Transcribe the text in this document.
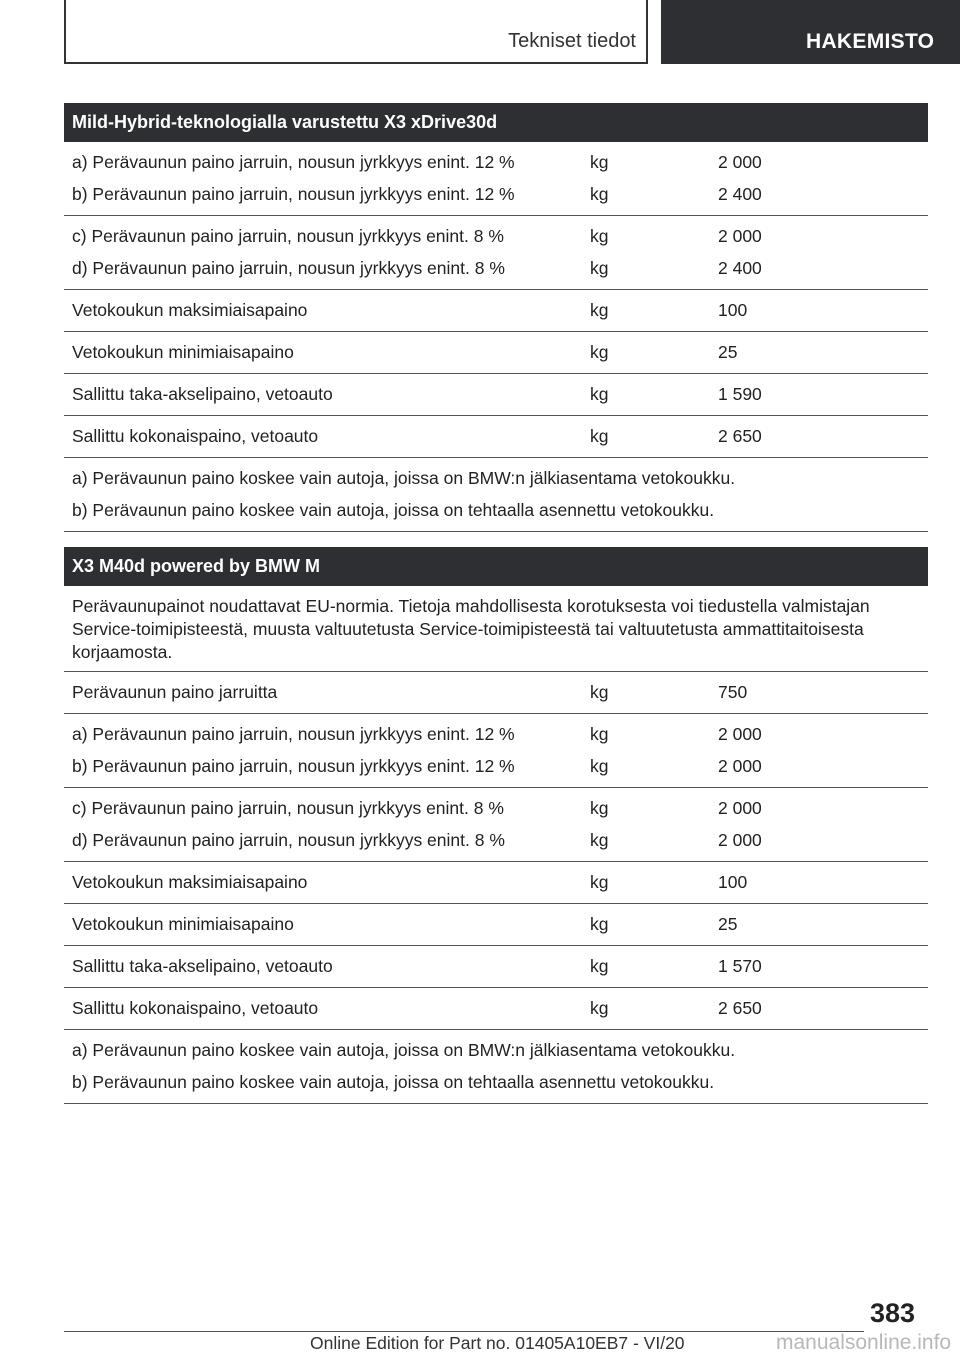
Tekniset tiedot	HAKEMISTO
Mild-Hybrid-teknologialla varustettu X3 xDrive30d
a) Perävaunun paino jarruin, nousun jyrkkyys enint. 12 %	kg	2 000
b) Perävaunun paino jarruin, nousun jyrkkyys enint. 12 %	kg	2 400
c) Perävaunun paino jarruin, nousun jyrkkyys enint. 8 %	kg	2 000
d) Perävaunun paino jarruin, nousun jyrkkyys enint. 8 %	kg	2 400
Vetokoukun maksimiaisapaino	kg	100
Vetokoukun minimiaisapaino	kg	25
Sallittu taka-akselipaino, vetoauto	kg	1 590
Sallittu kokonaispaino, vetoauto	kg	2 650
a) Perävaunun paino koskee vain autoja, joissa on BMW:n jälkiasentama vetokoukku.
b) Perävaunun paino koskee vain autoja, joissa on tehtaalla asennettu vetokoukku.
X3 M40d powered by BMW M
Perävaunupainot noudattavat EU-normia. Tietoja mahdollisesta korotuksesta voi tiedustella valmistajan Service-toimipisteestä, muusta valtuutetusta Service-toimipisteestä tai valtuutetusta ammattitaitoisesta korjaamosta.
Perävaunun paino jarruitta	kg	750
a) Perävaunun paino jarruin, nousun jyrkkyys enint. 12 %	kg	2 000
b) Perävaunun paino jarruin, nousun jyrkkyys enint. 12 %	kg	2 000
c) Perävaunun paino jarruin, nousun jyrkkyys enint. 8 %	kg	2 000
d) Perävaunun paino jarruin, nousun jyrkkyys enint. 8 %	kg	2 000
Vetokoukun maksimiaisapaino	kg	100
Vetokoukun minimiaisapaino	kg	25
Sallittu taka-akselipaino, vetoauto	kg	1 570
Sallittu kokonaispaino, vetoauto	kg	2 650
a) Perävaunun paino koskee vain autoja, joissa on BMW:n jälkiasentama vetokoukku.
b) Perävaunun paino koskee vain autoja, joissa on tehtaalla asennettu vetokoukku.
383
Online Edition for Part no. 01405A10EB7 - VI/20	manualsonline.info
